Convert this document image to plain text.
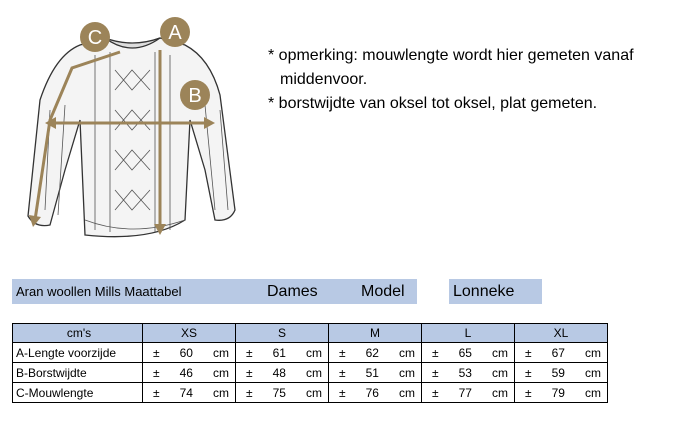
A
B
C
* opmerking: mouwlengte wordt hier gemeten vanaf
middenvoor.
* borstwijdte van oksel tot oksel, plat gemeten.
Aran woollen Mills Maattabel	Dames	Model	Lonneke
cm's	XS	S	M	L	XL
A-Lengte voorzijde	± 60 cm	± 61 cm	± 62 cm	± 65 cm	± 67 cm

B-Borstwijdte	± 46 cm	± 48 cm	± 51 cm	± 53 cm	± 59 cm

C-Mouwlengte	± 74 cm	± 75 cm	± 76 cm	± 77 cm	± 79 cm
